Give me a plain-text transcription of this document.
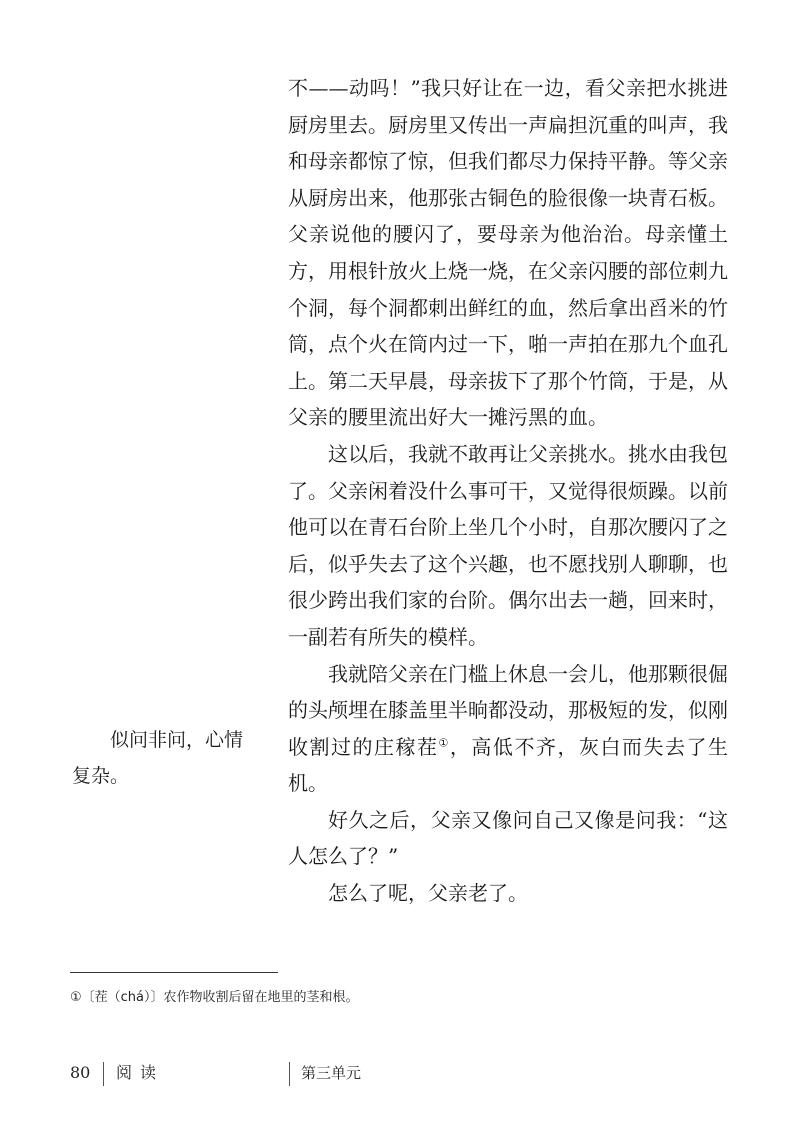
不——动吗！”我只好让在一边，看父亲把水挑进厨房里去。厨房里又传出一声扁担沉重的叫声，我和母亲都惊了惊，但我们都尽力保持平静。等父亲从厨房出来，他那张古铜色的脸很像一块青石板。父亲说他的腰闪了，要母亲为他治治。母亲懂土方，用根针放火上烧一烧，在父亲闪腰的部位刺九个洞，每个洞都刺出鲜红的血，然后拿出舀米的竹筒，点个火在筒内过一下，啪一声拍在那九个血孔上。第二天早晨，母亲拔下了那个竹筒，于是，从父亲的腰里流出好大一摊污黑的血。

这以后，我就不敢再让父亲挑水。挑水由我包了。父亲闲着没什么事可干，又觉得很烦躁。以前他可以在青石台阶上坐几个小时，自那次腰闪了之后，似乎失去了这个兴趣，也不愿找别人聊聊，也很少跨出我们家的台阶。偶尔出去一趟，回来时，一副若有所失的模样。

我就陪父亲在门槛上休息一会儿，他那颗很倔的头颅埋在膝盖里半晌都没动，那极短的发，似刚收割过的庄稼茬①，高低不齐，灰白而失去了生机。

好久之后，父亲又像问自己又像是问我：“这人怎么了？”

怎么了呢，父亲老了。

似问非问，心情复杂。
①〔茬（chá）〕农作物收割后留在地里的茎和根。
80 阅读	第三单元
